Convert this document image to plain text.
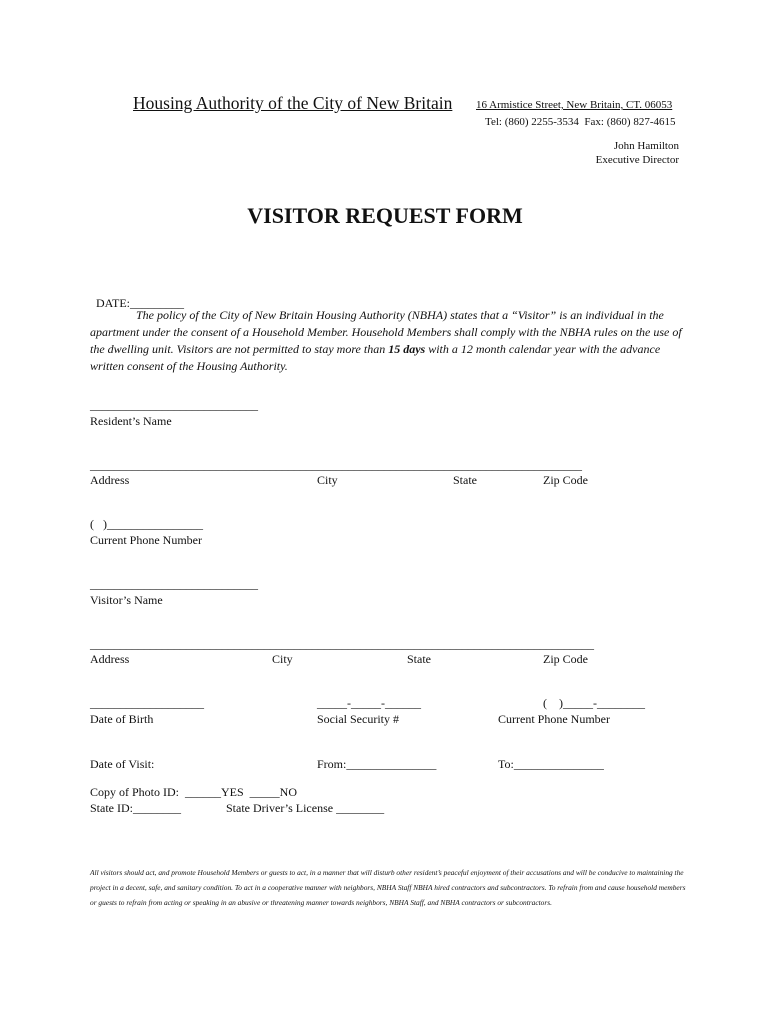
Housing Authority of the City of New Britain 16 Armistice Street, New Britain, CT. 06053
Tel: (860) 2255-3534  Fax: (860) 827-4615
John Hamilton
Executive Director
VISITOR REQUEST FORM

DATE:_________

The policy of the City of New Britain Housing Authority (NBHA) states that a “Visitor” is an individual in the apartment under the consent of a Household Member. Household Members shall comply with the NBHA rules on the use of the dwelling unit. Visitors are not permitted to stay more than 15 days with a 12 month calendar year with the advance written consent of the Housing Authority.
____________________________
Resident’s Name
__________________________________________________________________________________
Address	City	State	Zip Code
(   )________________
Current Phone Number
____________________________
Visitor’s Name
____________________________________________________________________________________
Address	City	State	Zip Code
___________________	_____-_____-______	(    )_____-________
Date of Birth	Social Security #	Current Phone Number
Date of Visit:	From:_______________	To:_______________
Copy of Photo ID:  ______YES  _____NO
State ID:________	State Driver’s License ________
All visitors should act, and promote Household Members or guests to act, in a manner that will disturb other resident’s peaceful enjoyment of their accusations and will be conducive to maintaining the project in a decent, safe, and sanitary condition. To act in a cooperative manner with neighbors, NBHA Staff NBHA hired contractors and subcontractors. To refrain from and cause household members or guests to refrain from acting or speaking in an abusive or threatening manner towards neighbors, NBHA Staff, and NBHA contractors or subcontractors.
